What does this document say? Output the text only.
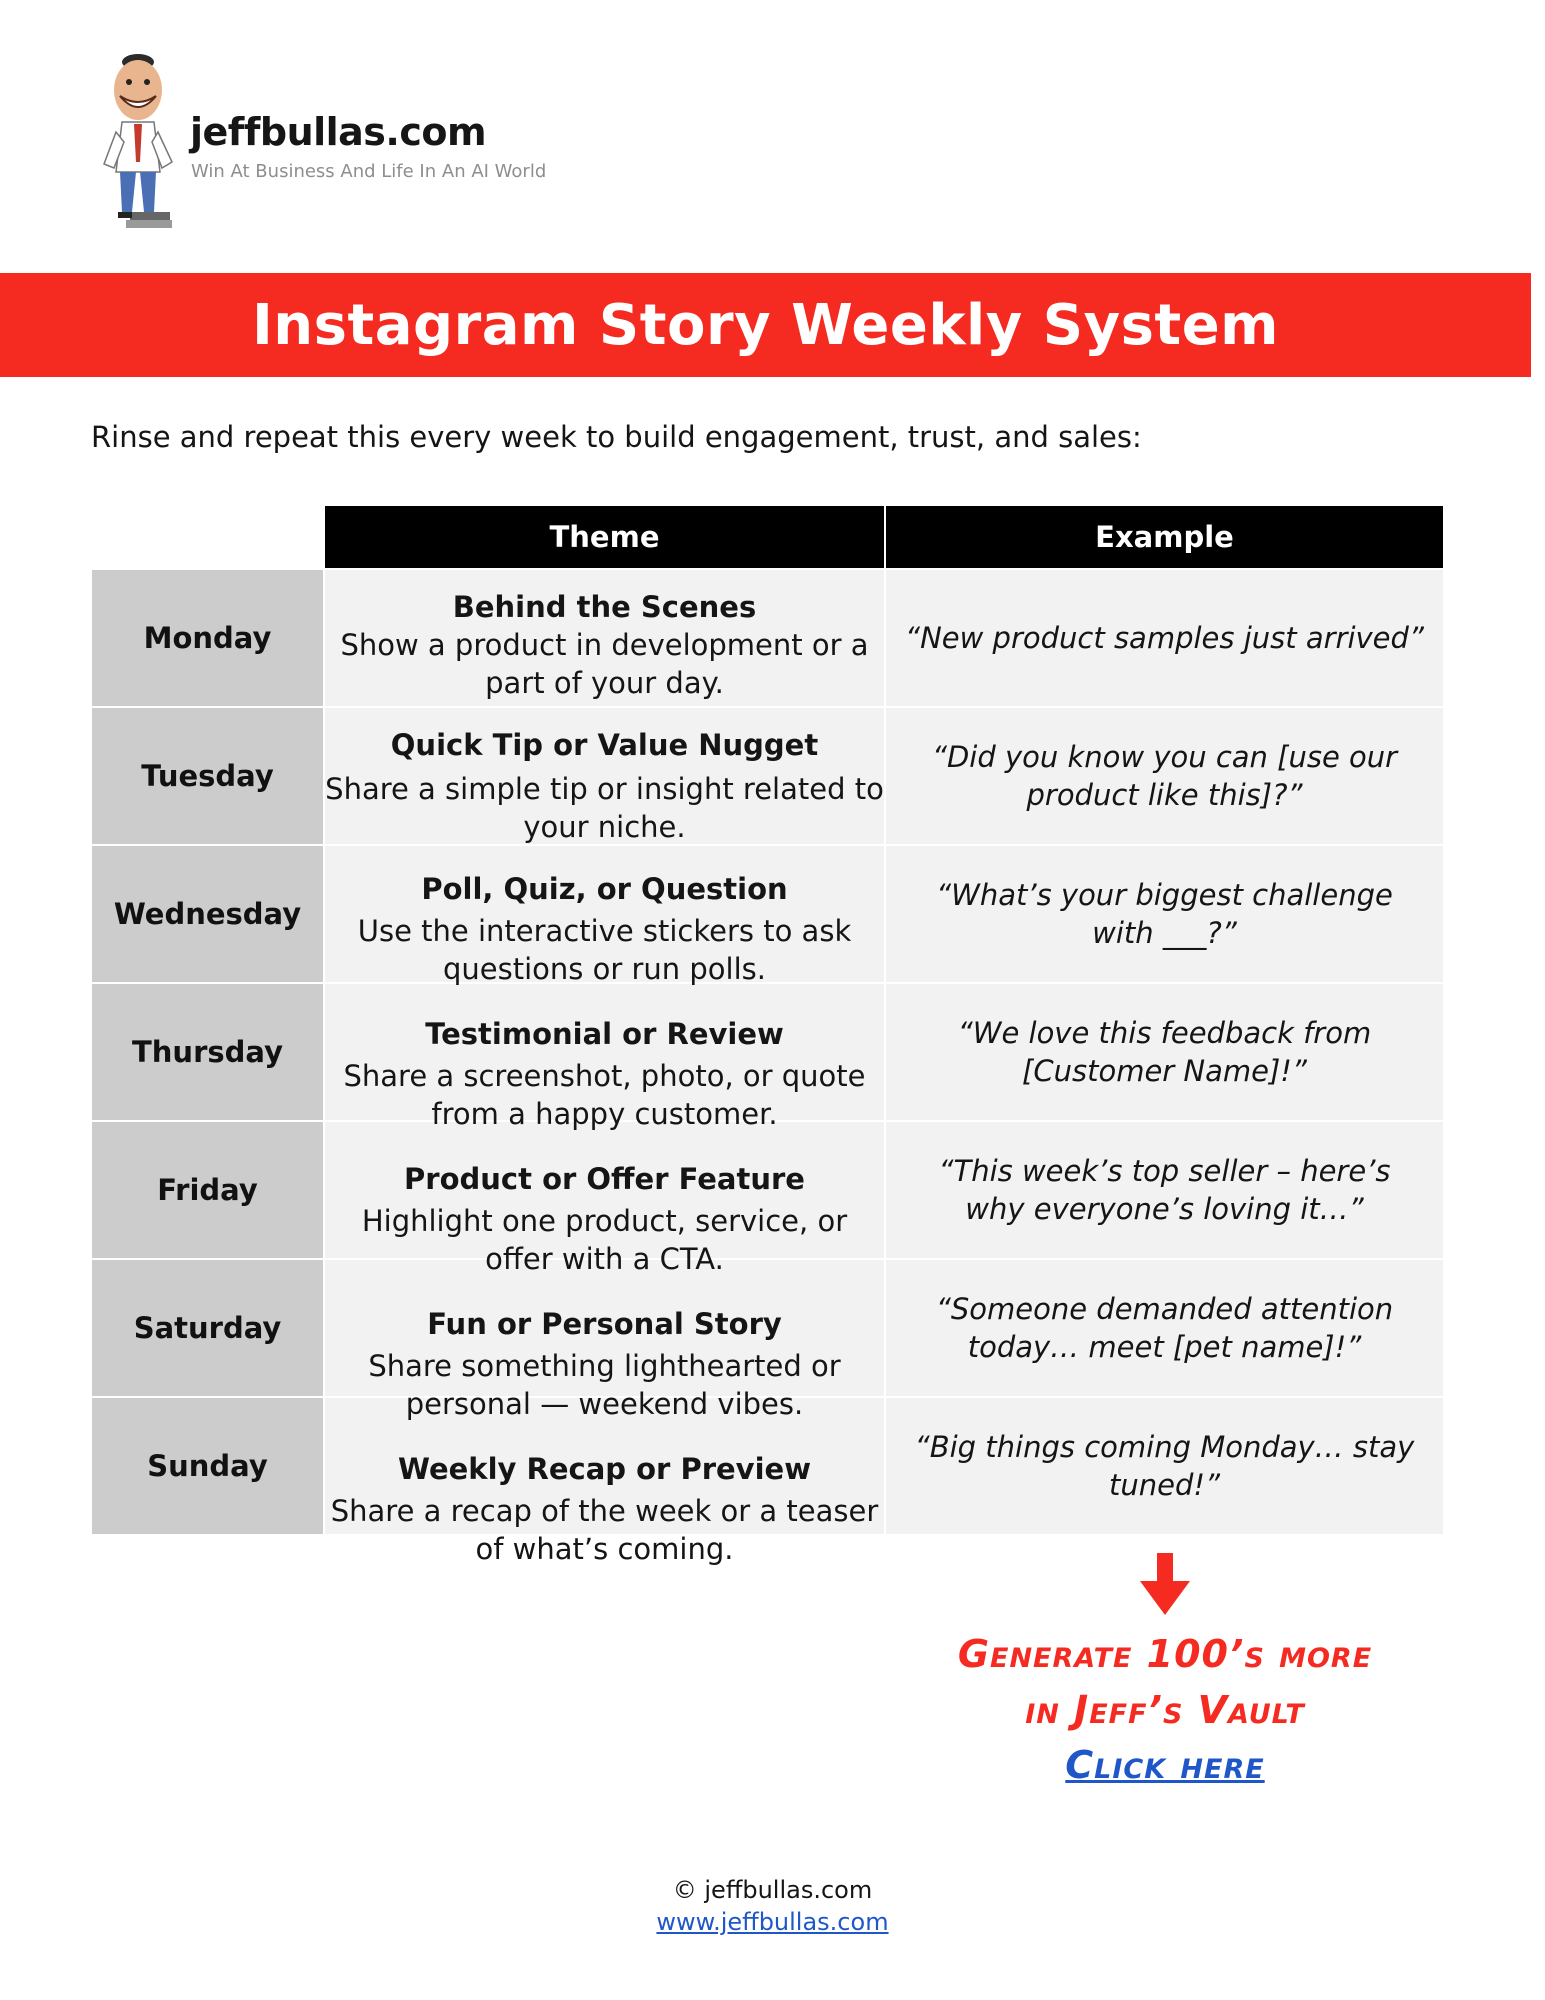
jeffbullas.com
Win At Business And Life In An AI World
Instagram Story Weekly System
Rinse and repeat this every week to build engagement, trust, and sales:
Theme	Example
Monday	“New product samples just arrived”
Tuesday
“Did you know you can [use our product like this]?”
Wednesday
“What’s your biggest challenge with ___?”
Thursday
“We love this feedback from [Customer Name]!”
Friday
“This week’s top seller – here’s why everyone’s loving it…”
Saturday
“Someone demanded attention today… meet [pet name]!”
Sunday
“Big things coming Monday… stay tuned!”
Behind the Scenes
Show a product in development or a part of your day.
Quick Tip or Value Nugget
Share a simple tip or insight related to your niche.
Poll, Quiz, or Question
Use the interactive stickers to ask questions or run polls.
Testimonial or Review
Share a screenshot, photo, or quote from a happy customer.
Product or Offer Feature
Highlight one product, service, or offer with a CTA.
Fun or Personal Story
Share something lighthearted or personal — weekend vibes.
Weekly Recap or Preview
Share a recap of the week or a teaser of what’s coming.
Generate 100’s more
in Jeff’s Vault
Click here
© jeffbullas.com
www.jeffbullas.com
